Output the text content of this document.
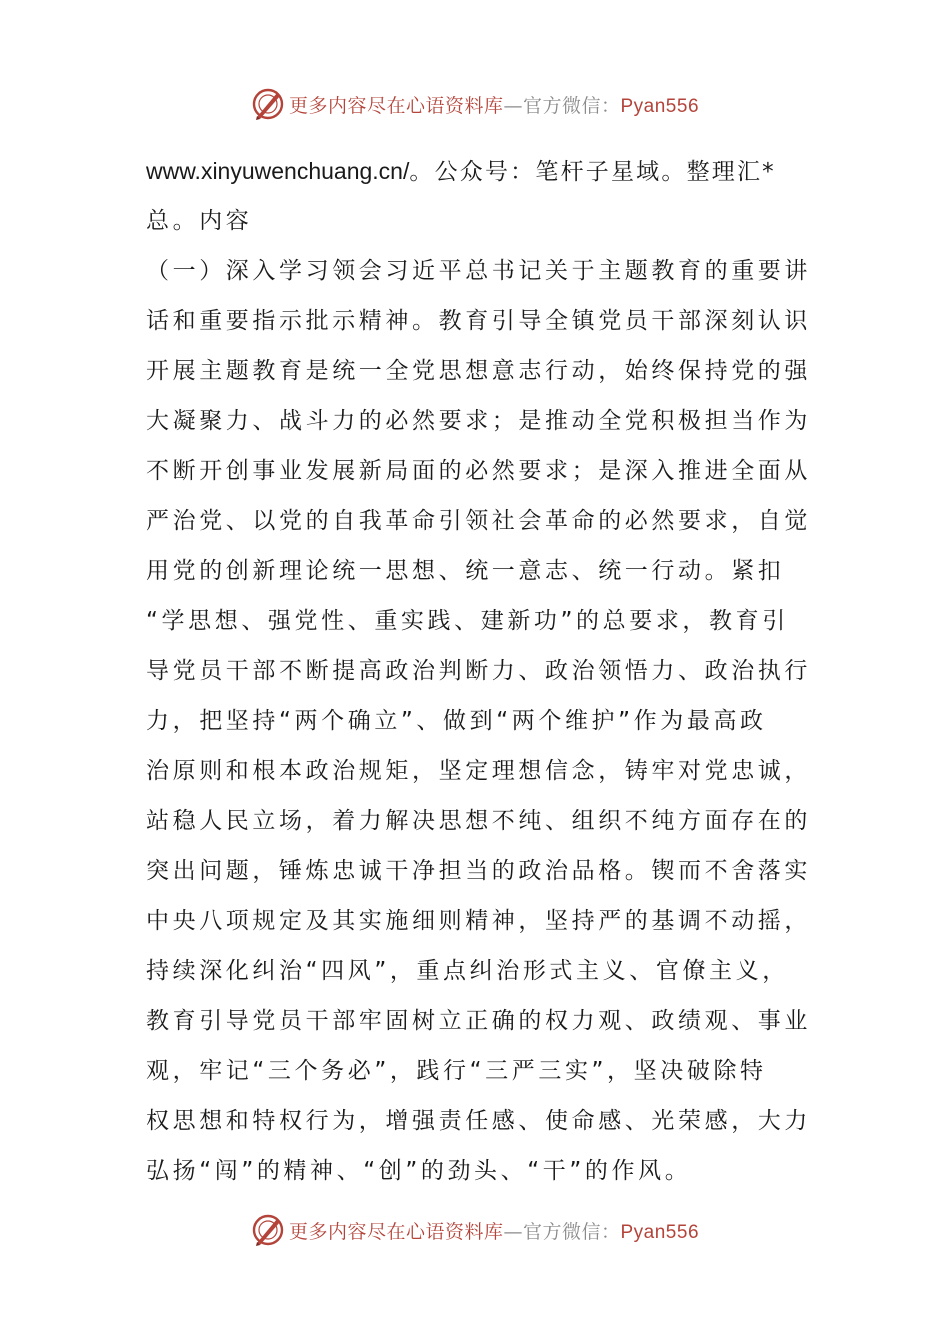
更多内容尽在心语资料库—官方微信：Pyan556
www.xinyuwenchuang.cn/。公众号：笔杆子星域。整理汇*
总。内容
（一）深入学习领会习近平总书记关于主题教育的重要讲
话和重要指示批示精神。教育引导全镇党员干部深刻认识
开展主题教育是统一全党思想意志行动，始终保持党的强
大凝聚力、战斗力的必然要求；是推动全党积极担当作为
不断开创事业发展新局面的必然要求；是深入推进全面从
严治党、以党的自我革命引领社会革命的必然要求，自觉
用党的创新理论统一思想、统一意志、统一行动。紧扣
“学思想、强党性、重实践、建新功”的总要求，教育引
导党员干部不断提高政治判断力、政治领悟力、政治执行
力，把坚持“两个确立”、做到“两个维护”作为最高政
治原则和根本政治规矩，坚定理想信念，铸牢对党忠诚，
站稳人民立场，着力解决思想不纯、组织不纯方面存在的
突出问题，锤炼忠诚干净担当的政治品格。锲而不舍落实
中央八项规定及其实施细则精神，坚持严的基调不动摇，
持续深化纠治“四风”，重点纠治形式主义、官僚主义，
教育引导党员干部牢固树立正确的权力观、政绩观、事业
观，牢记“三个务必”，践行“三严三实”，坚决破除特
权思想和特权行为，增强责任感、使命感、光荣感，大力
弘扬“闯”的精神、“创”的劲头、“干”的作风。
更多内容尽在心语资料库—官方微信：Pyan556
